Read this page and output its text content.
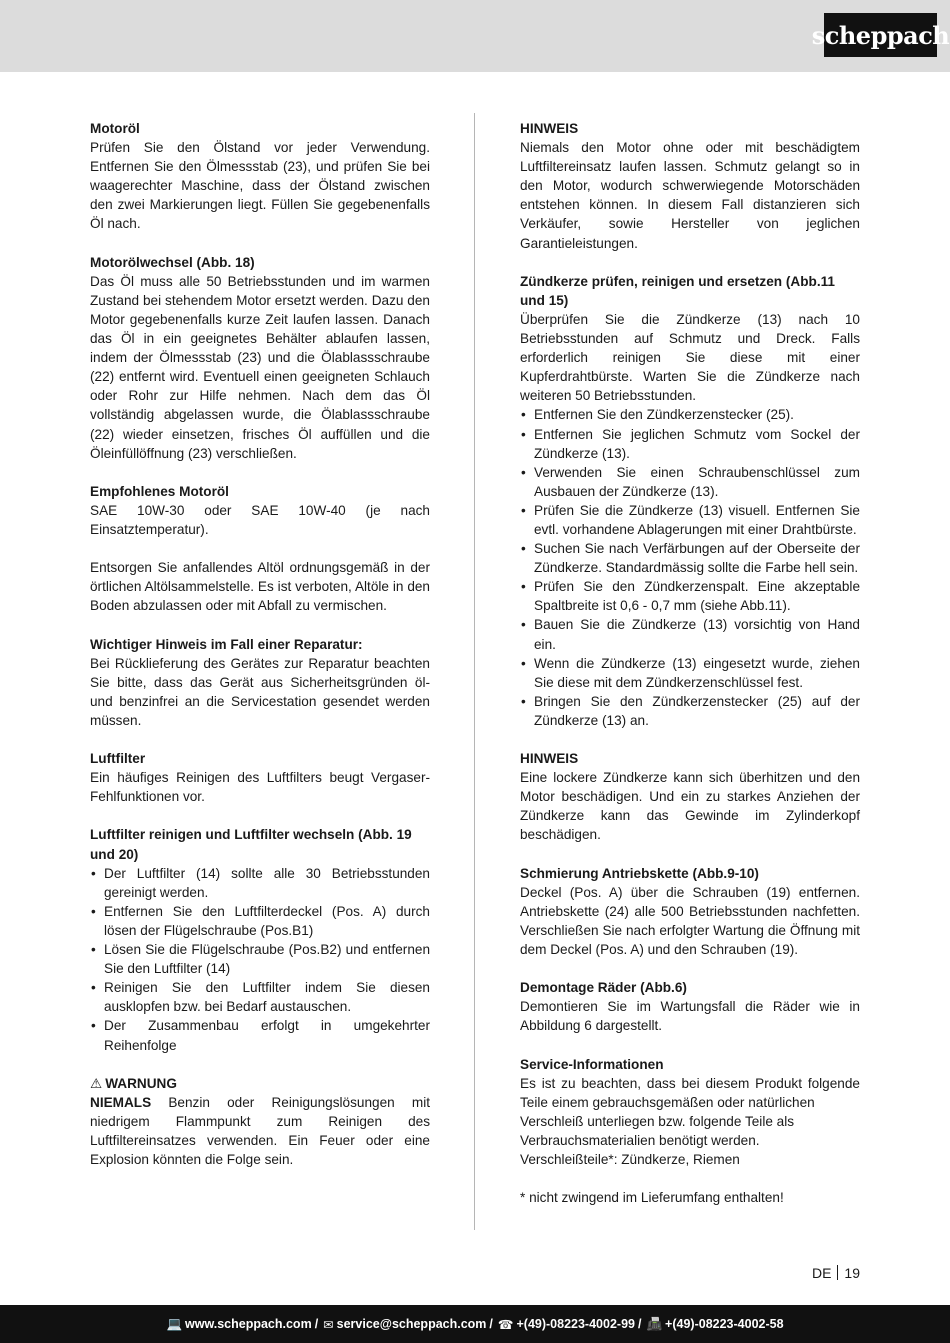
scheppach
Motoröl

Prüfen Sie den Ölstand vor jeder Verwendung. Entfernen Sie den Ölmessstab (23), und prüfen Sie bei waagerechter Maschine, dass der Ölstand zwischen den zwei Markierungen liegt. Füllen Sie gegebenenfalls Öl nach.

Motorölwechsel (Abb. 18)

Das Öl muss alle 50 Betriebsstunden und im warmen Zustand bei stehendem Motor ersetzt werden. Dazu den Motor gegebenenfalls kurze Zeit laufen lassen. Danach das Öl in ein geeignetes Behälter ablaufen lassen, indem der Ölmessstab (23) und die Ölablassschraube (22) entfernt wird. Eventuell einen geeigneten Schlauch oder Rohr zur Hilfe nehmen. Nach dem das Öl vollständig abgelassen wurde, die Ölablassschraube (22) wieder einsetzen, frisches Öl auffüllen und die Öleinfüllöffnung (23) verschließen.

Empfohlenes Motoröl

SAE 10W-30 oder SAE 10W-40 (je nach Einsatztemperatur).

Entsorgen Sie anfallendes Altöl ordnungsgemäß in der örtlichen Altölsammelstelle. Es ist verboten, Altöle in den Boden abzulassen oder mit Abfall zu vermischen.

Wichtiger Hinweis im Fall einer Reparatur:

Bei Rücklieferung des Gerätes zur Reparatur beachten Sie bitte, dass das Gerät aus Sicherheitsgründen öl- und benzinfrei an die Servicestation gesendet werden müssen.

Luftfilter

Ein häufiges Reinigen des Luftfilters beugt Vergaser-Fehlfunktionen vor.

Luftfilter reinigen und Luftfilter wechseln (Abb. 19 und 20)
• Der Luftfilter (14) sollte alle 30 Betriebsstunden gereinigt werden.
• Entfernen Sie den Luftfilterdeckel (Pos. A) durch lösen der Flügelschraube (Pos.B1)
• Lösen Sie die Flügelschraube (Pos.B2) und entfernen Sie den Luftfilter (14)
• Reinigen Sie den Luftfilter indem Sie diesen ausklopfen bzw. bei Bedarf austauschen.
• Der Zusammenbau erfolgt in umgekehrter Reihenfolge
⚠ WARNUNG

NIEMALS Benzin oder Reinigungslösungen mit niedrigem Flammpunkt zum Reinigen des Luftfiltereinsatzes verwenden. Ein Feuer oder eine Explosion könnten die Folge sein.

HINWEIS

Niemals den Motor ohne oder mit beschädigtem Luftfiltereinsatz laufen lassen. Schmutz gelangt so in den Motor, wodurch schwerwiegende Motorschäden entstehen können. In diesem Fall distanzieren sich Verkäufer, sowie Hersteller von jeglichen Garantieleistungen.

Zündkerze prüfen, reinigen und ersetzen (Abb.11 und 15)

Überprüfen Sie die Zündkerze (13) nach 10 Betriebsstunden auf Schmutz und Dreck. Falls erforderlich reinigen Sie diese mit einer Kupferdrahtbürste. Warten Sie die Zündkerze nach weiteren 50 Betriebsstunden.

• Entfernen Sie den Zündkerzenstecker (25).
• Entfernen Sie jeglichen Schmutz vom Sockel der Zündkerze (13).
• Verwenden Sie einen Schraubenschlüssel zum Ausbauen der Zündkerze (13).
• Prüfen Sie die Zündkerze (13) visuell. Entfernen Sie evtl. vorhandene Ablagerungen mit einer Drahtbürste.
• Suchen Sie nach Verfärbungen auf der Oberseite der Zündkerze. Standardmässig sollte die Farbe hell sein.
• Prüfen Sie den Zündkerzenspalt. Eine akzeptable Spaltbreite ist 0,6 - 0,7 mm (siehe Abb.11).
• Bauen Sie die Zündkerze (13) vorsichtig von Hand ein.
• Wenn die Zündkerze (13) eingesetzt wurde, ziehen Sie diese mit dem Zündkerzenschlüssel fest.
• Bringen Sie den Zündkerzenstecker (25) auf der Zündkerze (13) an.
HINWEIS

Eine lockere Zündkerze kann sich überhitzen und den Motor beschädigen. Und ein zu starkes Anziehen der Zündkerze kann das Gewinde im Zylinderkopf beschädigen.

Schmierung Antriebskette (Abb.9-10)

Deckel (Pos. A) über die Schrauben (19) entfernen. Antriebskette (24) alle 500 Betriebsstunden nachfetten. Verschließen Sie nach erfolgter Wartung die Öffnung mit dem Deckel (Pos. A) und den Schrauben (19).

Demontage Räder (Abb.6)

Demontieren Sie im Wartungsfall die Räder wie in Abbildung 6 dargestellt.

Service-Informationen

Es ist zu beachten, dass bei diesem Produkt folgende Teile einem gebrauchsgemäßen oder natürlichen

Verschleiß unterliegen bzw. folgende Teile als

Verbrauchsmaterialien benötigt werden.

Verschleißteile*: Zündkerze, Riemen

* nicht zwingend im Lieferumfang enthalten!

DE 19
💻 www.scheppach.com / ✉ service@scheppach.com / ☎ +(49)-08223-4002-99 / 📠 +(49)-08223-4002-58
